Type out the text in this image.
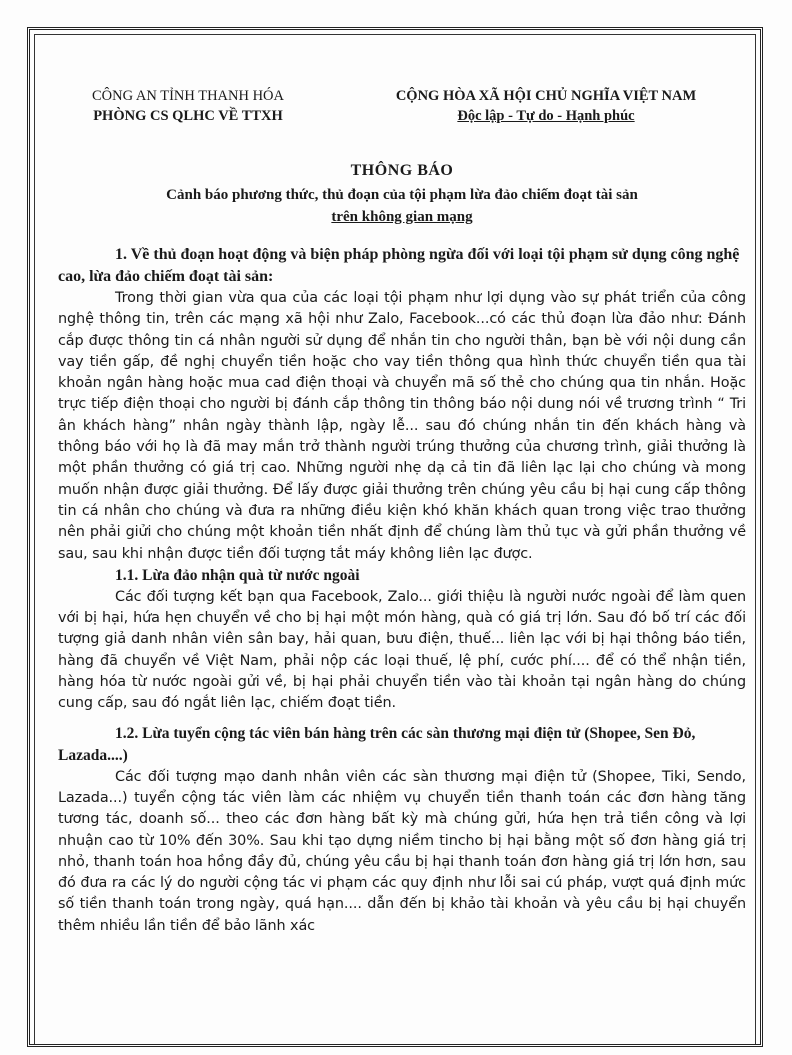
CÔNG AN TỈNH THANH HÓA
PHÒNG CS QLHC VỀ TTXH
CỘNG HÒA XÃ HỘI CHỦ NGHĨA VIỆT NAM
Độc lập - Tự do - Hạnh phúc
THÔNG BÁO
Cảnh báo phương thức, thủ đoạn của tội phạm lừa đảo chiếm đoạt tài sản
trên không gian mạng
1. Về thủ đoạn hoạt động và biện pháp phòng ngừa đối với loại tội phạm sử dụng công nghệ cao, lừa đảo chiếm đoạt tài sản:
Trong thời gian vừa qua của các loại tội phạm như lợi dụng vào sự phát triển của công nghệ thông tin, trên các mạng xã hội như Zalo, Facebook...có các thủ đoạn lừa đảo như: Đánh cắp được thông tin cá nhân người sử dụng để nhắn tin cho người thân, bạn bè với nội dung cần vay tiền gấp, đề nghị chuyển tiền hoặc cho vay tiền thông qua hình thức chuyển tiền qua tài khoản ngân hàng hoặc mua cad điện thoại và chuyển mã số thẻ cho chúng qua tin nhắn. Hoặc trực tiếp điện thoại cho người bị đánh cắp thông tin thông báo nội dung nói về trương trình “ Tri ân khách hàng” nhân ngày thành lập, ngày lễ... sau đó chúng nhắn tin đến khách hàng và thông báo với họ là đã may mắn trở thành người trúng thưởng của chương trình, giải thưởng là một phần thưởng có giá trị cao. Những người nhẹ dạ cả tin đã liên lạc lại cho chúng và mong muốn nhận được giải thưởng. Để lấy được giải thưởng trên chúng yêu cầu bị hại cung cấp thông tin cá nhân cho chúng và đưa ra những điều kiện khó khăn khách quan trong việc trao thưởng nên phải giửi cho chúng một khoản tiền nhất định để chúng làm thủ tục và gửi phần thưởng về sau, sau khi nhận được tiền đối tượng tắt máy không liên lạc được.
1.1. Lừa đảo nhận quà từ nước ngoài
Các đối tượng kết bạn qua Facebook, Zalo... giới thiệu là người nước ngoài để làm quen với bị hại, hứa hẹn chuyển về cho bị hại một món hàng, quà có giá trị lớn. Sau đó bố trí các đối tượng giả danh nhân viên sân bay, hải quan, bưu điện, thuế... liên lạc với bị hại thông báo tiền, hàng đã chuyển về Việt Nam, phải nộp các loại thuế, lệ phí, cước phí.... để có thể nhận tiền, hàng hóa từ nước ngoài gửi về, bị hại phải chuyển tiền vào tài khoản tại ngân hàng do chúng cung cấp, sau đó ngắt liên lạc, chiếm đoạt tiền.
1.2. Lừa tuyển cộng tác viên bán hàng trên các sàn thương mại điện tử (Shopee, Sen Đỏ, Lazada....)
Các đối tượng mạo danh nhân viên các sàn thương mại điện tử (Shopee, Tiki, Sendo, Lazada...) tuyển cộng tác viên làm các nhiệm vụ chuyển tiền thanh toán các đơn hàng tăng tương tác, doanh số... theo các đơn hàng bất kỳ mà chúng gửi, hứa hẹn trả tiền công và lợi nhuận cao từ 10% đến 30%. Sau khi tạo dựng niềm tincho bị hại bằng một số đơn hàng giá trị nhỏ, thanh toán hoa hồng đầy đủ, chúng yêu cầu bị hại thanh toán đơn hàng giá trị lớn hơn, sau đó đưa ra các lý do người cộng tác vi phạm các quy định như lỗi sai cú pháp, vượt quá định mức số tiền thanh toán trong ngày, quá hạn.... dẫn đến bị khảo tài khoản và yêu cầu bị hại chuyển thêm nhiều lần tiền để bảo lãnh xác
